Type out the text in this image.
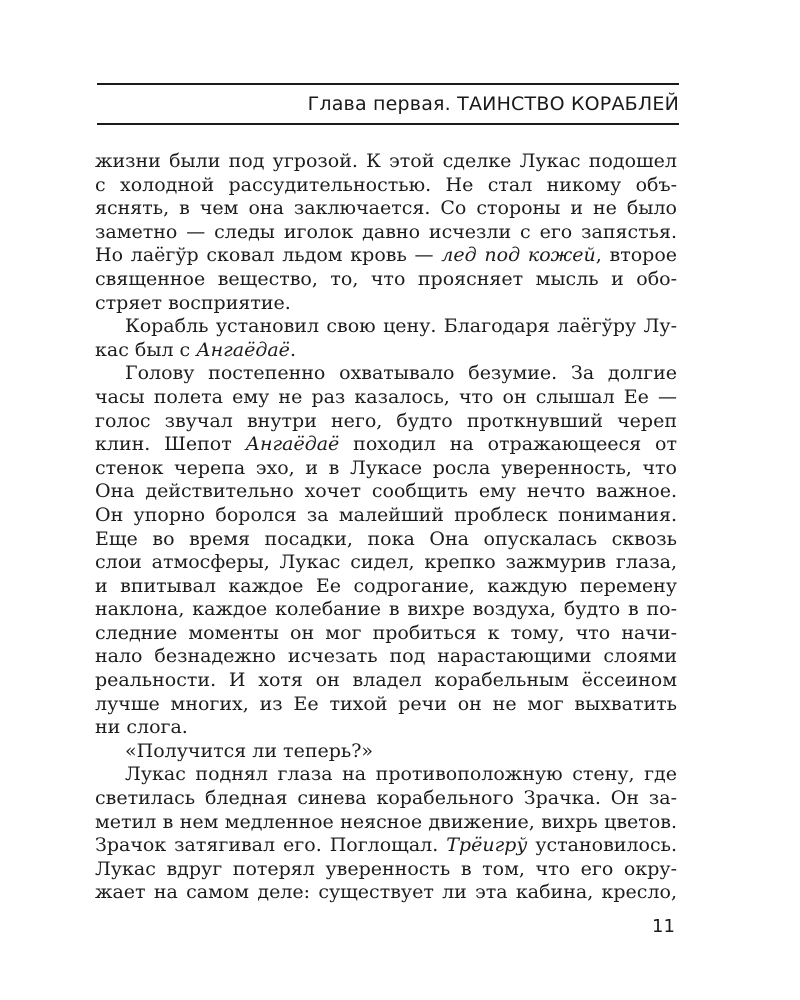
Глава первая. ТАИНСТВО КОРАБЛЕЙ
жизни были под угрозой. К этой сделке Лукас подошел
с холодной рассудительностью. Не стал никому объ-
яснять, в чем она заключается. Со стороны и не было
заметно — следы иголок давно исчезли с его запястья.
Но лаёгўр сковал льдом кровь — лед под кожей, второе
священное вещество, то, что проясняет мысль и обо-
стряет восприятие.
Корабль установил свою цену. Благодаря лаёгўру Лу-
кас был с Ангаёдаё.
Голову постепенно охватывало безумие. За долгие
часы полета ему не раз казалось, что он слышал Ее —
голос звучал внутри него, будто проткнувший череп
клин. Шепот Ангаёдаё походил на отражающееся от
стенок черепа эхо, и в Лукасе росла уверенность, что
Она действительно хочет сообщить ему нечто важное.
Он упорно боролся за малейший проблеск понимания.
Еще во время посадки, пока Она опускалась сквозь
слои атмосферы, Лукас сидел, крепко зажмурив глаза,
и впитывал каждое Ее содрогание, каждую перемену
наклона, каждое колебание в вихре воздуха, будто в по-
следние моменты он мог пробиться к тому, что начи-
нало безнадежно исчезать под нарастающими слоями
реальности. И хотя он владел корабельным ёссеином
лучше многих, из Ее тихой речи он не мог выхватить
ни слога.
«Получится ли теперь?»
Лукас поднял глаза на противоположную стену, где
светилась бледная синева корабельного Зрачка. Он за-
метил в нем медленное неясное движение, вихрь цветов.
Зрачок затягивал его. Поглощал. Трёигрў установилось.
Лукас вдруг потерял уверенность в том, что его окру-
жает на самом деле: существует ли эта кабина, кресло,
11
